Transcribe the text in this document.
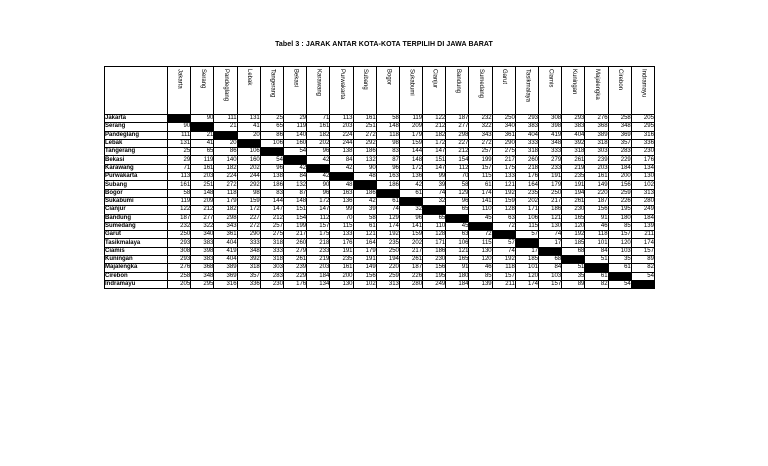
Tabel 3 : JARAK ANTAR KOTA-KOTA TERPILIH DI JAWA BARAT

	Jakarta	Serang	Pandeglang	Lebak	Tangerang	Bekasi	Karawang	Purwakarta	Subang	Bogor	Sukabumi	Cianjur	Bandung	Sumedang	Garut	Tasikmalaya	Ciamis	Kuningan	Majalengka	Cirebon	Indramayu

Jakarta		90	111	131	25	29	71	113	161	58	119	122	187	232	250	293	308	293	276	258	205
Serang	90		21	41	65	119	161	203	251	148	209	212	277	322	340	383	398	383	368	348	295
Pandeglang	111	21		20	86	140	182	224	272	118	179	182	298	343	361	404	419	404	389	369	316
Lebak	131	41	20		106	160	202	244	292	98	159	172	227	272	290	333	348	392	318	357	336
Tangerang	25	65	86	106		54	96	138	186	83	144	147	212	257	275	318	333	318	303	283	230
Bekasi	29	119	140	160	54		42	84	132	87	148	151	154	199	217	260	279	261	239	229	176
Karawang	71	161	182	202	96	42		42	90	96	172	147	112	157	175	218	233	219	203	184	134
Purwakarta	113	203	224	244	138	84	42		48	163	136	99	70	115	133	176	191	235	161	200	130
Subang	161	251	272	292	186	132	90	48		186	42	39	58	61	121	164	179	191	149	156	102
Bogor	58	148	118	98	83	87	96	163	186		61	74	129	174	192	235	250	194	220	259	313
Sukabumi	119	209	179	159	144	148	172	136	42	61		32	96	141	159	202	217	261	187	226	280
Cianjur	122	212	182	172	147	151	147	99	39	74	32		65	110	128	171	186	230	156	195	249
Bandung	187	277	298	227	212	154	112	70	58	129	96	65		45	63	106	121	165	91	180	184
Sumedang	232	322	343	272	257	199	157	115	61	174	141	110	45		72	115	130	120	46	85	139
Garut	250	340	361	290	275	217	175	133	121	192	159	128	63	72		57	74	192	118	157	211
Tasikmalaya	293	383	404	333	318	260	218	176	164	235	202	171	106	115	57		17	185	101	120	174
Ciamis	308	398	419	348	333	279	233	191	179	250	217	186	121	130	74	17		68	84	103	157
Kuningan	293	383	404	392	318	261	219	235	191	194	261	230	165	120	192	185	68		51	35	89
Majalengka	276	368	389	318	303	239	203	161	149	220	187	156	91	46	118	101	84	51		61	82
Cirebon	258	348	369	357	283	229	184	200	156	259	226	195	180	85	157	120	103	35	61		54
Indramayu	205	295	316	336	230	176	134	130	102	313	280	249	184	139	211	174	157	89	82	54	
